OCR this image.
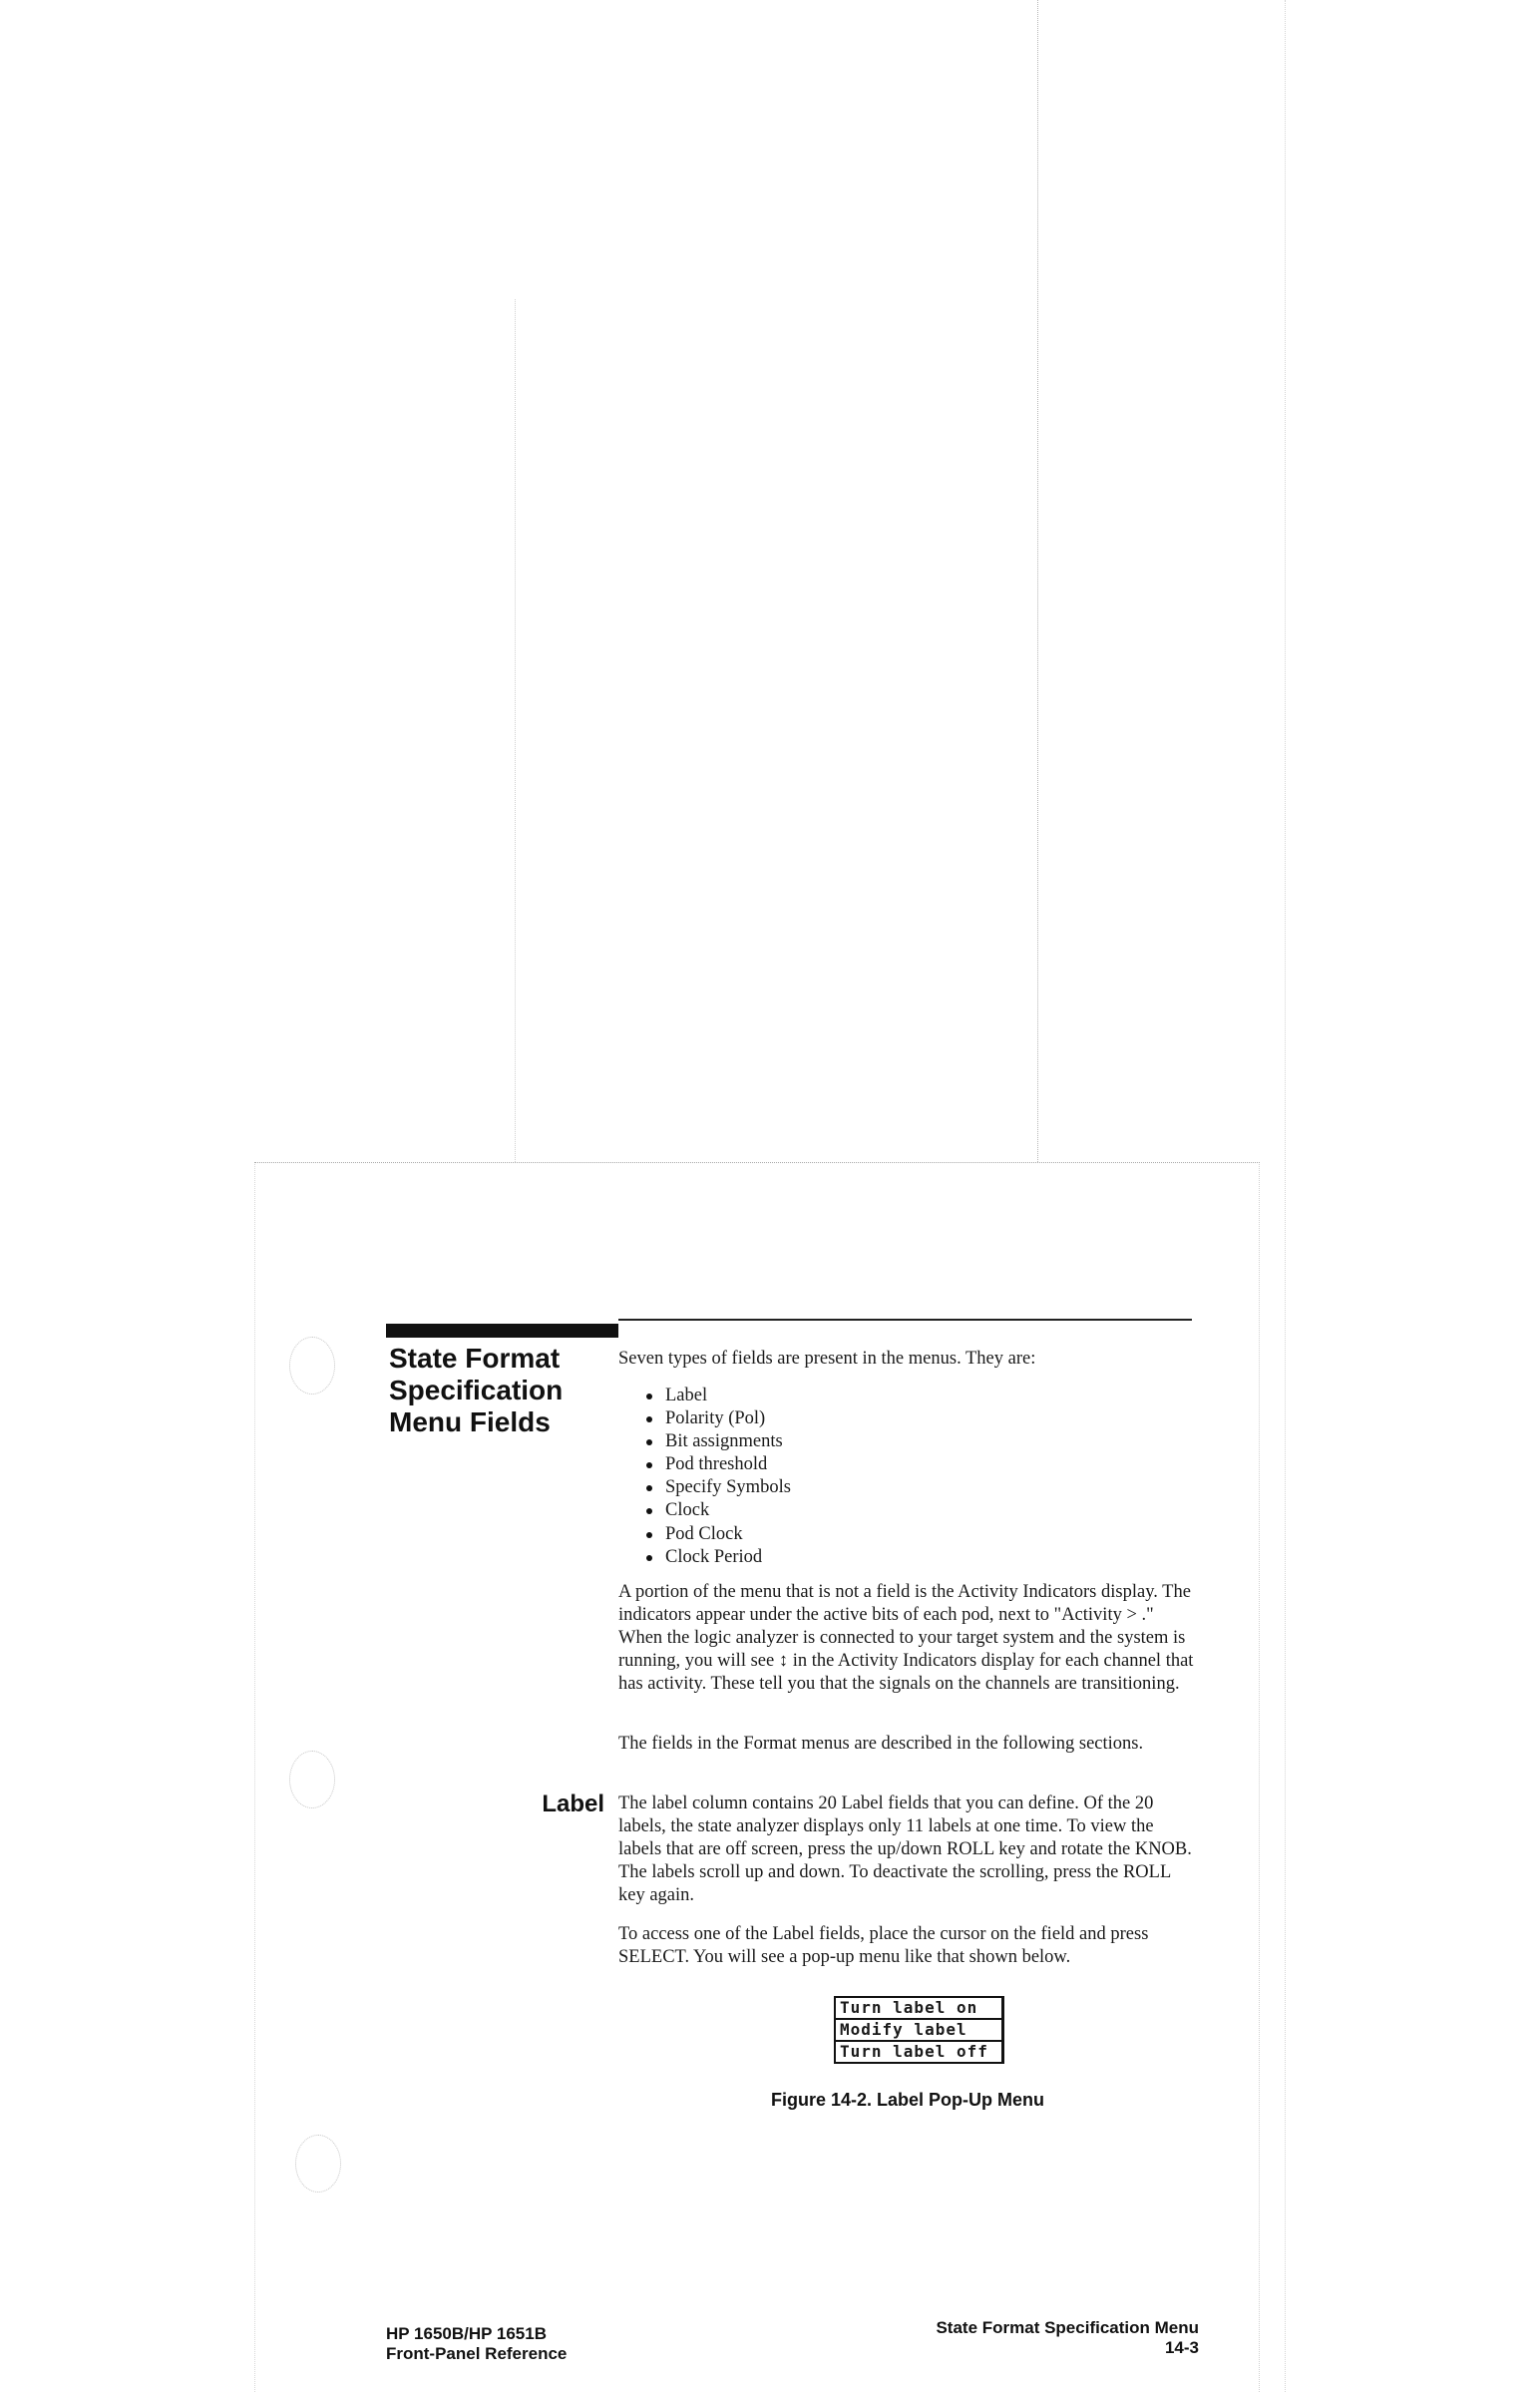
State Format
Specification
Menu Fields

Seven types of fields are present in the menus. They are:

Label
Polarity (Pol)
Bit assignments
Pod threshold
Specify Symbols
Clock
Pod Clock
Clock Period

A portion of the menu that is not a field is the Activity Indicators display. The indicators appear under the active bits of each pod, next to "Activity > ." When the logic analyzer is connected to your target system and the system is running, you will see ↕ in the Activity Indicators display for each channel that has activity. These tell you that the signals on the channels are transitioning.

The fields in the Format menus are described in the following sections.

Label The label column contains 20 Label fields that you can define. Of the 20 labels, the state analyzer displays only 11 labels at one time. To view the labels that are off screen, press the up/down ROLL key and rotate the KNOB. The labels scroll up and down. To deactivate the scrolling, press the ROLL key again.

To access one of the Label fields, place the cursor on the field and press SELECT. You will see a pop-up menu like that shown below.

Turn label on
Modify label
Turn label off
Figure 14-2. Label Pop-Up Menu
HP 1650B/HP 1651B
Front-Panel Reference
State Format Specification Menu
14-3
